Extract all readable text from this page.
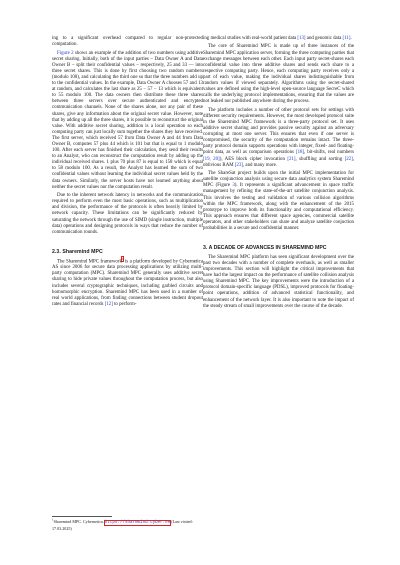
ing to a significant overhead compared to regular non-protected computation.

Figure 2 shows an example of the addition of two numbers using additive secret sharing. Initially, both of the input parties – Data Owner A and Data Owner B – split their confidential values – respectively, 25 and 33 — into three secret shares. This is done by first choosing two random numbers (modulo 100), and calculating the third one so that the three numbers add up to the confidential values. In the example, Data Owner A chooses 57 and 13 at random, and calculates the last share as 25 − 57 − 13 which is equivalent to 55 modulo 100. The data owners then distribute these three shares between three servers over secure authenticated and encrypted communication channels. None of the shares alone, nor any pair of these shares, give any information about the original secret value. However, note that by adding up all the three shares, it is possible to reconstruct the original value. With additive secret sharing, addition is a local operation so each computing party can just locally sum together the shares they have received. The first server, which received 57 from Data Owner A and 44 from Data Owner B, computes 57 plus 44 which is 101 but that is equal to 1 modulo 100. After each server has finished their calculation, they send their results to an Analyst, who can reconstruct the computation result by adding up the individual received shares. 1 plus 70 plus 87 is equal to 158 which is equal to 58 modulo 100. As a result, the Analyst has learned the sum of two confidential values without learning the individual secret values held by the data owners. Similarly, the server hosts have not learned anything about neither the secret values nor the computation result.

Due to the inherent network latency in networks and the communication required to perform even the most basic operations, such as multiplication and division, the performance of the protocols is often heavily limited by network capacity. These limitations can be significantly reduced by saturating the network through the use of SIMD (single instruction, multiple data) operations and designing protocols in ways that reduce the number of communication rounds.

2.3. Sharemind MPC

The Sharemind MPC framework$^1$ is a platform developed by Cybernetica AS since 2006 for secure data processing applications by utilizing multi-party computation (MPC). Sharemind MPC generally uses additive secret sharing to hide private values throughout the computation process, but also includes several cryptographic techniques, including garbled circuits and homomorphic encryption. Sharemind MPC has been used in a number of real world applications, from finding connections between student dropout rates and financial records [12] to perform-

$^1$Sharemind MPC. Cybernetica. https://sharemind.cyber.ee (Last visited: 17.03.2025)

ing medical studies with real-world patient data [13] and genomic data [11].

The core of Sharemind MPC is made up of three instances of the Sharemind MPC application server, forming the three computing parties that exchange messages between each other. Each input party secret-shares each confidential value into three additive shares and sends each share to a respective computing party. Hence, each computing party receives only a part of each value, making the individual shares indistinguishable from random values if viewed separately. Algorithms using the secret-shared values are defined using the high-level open-source language SecreC which calls the underlying protocol implementations, ensuring that the values are not leaked nor published anywhere during the process.

The platform includes a number of other protocol sets for settings with different security requirements. However, the most developed protocol suite in the Sharemind MPC framework is a three-party protocol set. It uses additive secret sharing and provides passive security against an adversary corrupting at most one server. This ensures that even if one server is compromised, the security of the computation remains intact. The three-party protocol domain supports operations with integer, fixed- and floating-point data, as well as comparison operations [18], bit-shifts, real numbers [19, 20]), AES block cipher invocation [21], shuffling and sorting [22], oblivious RAM [23], and many more.

The ShareSat project builds upon the initial MPC implementation for satellite conjunction analysis using secure data analytics system Sharemind MPC (Figure 3). It represents a significant advancement in space traffic management by refining the state-of-the-art satellite conjunction analysis. This involves the testing and validation of various collision algorithms within the MPC framework, along with the enhancement of the 2015 prototype to improve both its functionality and computational efficiency. This approach ensures that different space agencies, commercial satellite operators, and other stakeholders can share and analyze satellite conjuction probabilities in a secure and confidential manner.

3. A DECADE OF ADVANCES IN SHAREMIND MPC

The Sharemind MPC platform has seen significant development over the past two decades with a number of complete overhauls, as well as smaller improvements. This section will highlight the critical improvements that have had the largest impact on the performance of satellite collision analysis using Sharemind MPC. The key improvements were the introduction of a protocol domain-specific language (PDSL), improved protocols for floating-point operations, addition of advanced statistical functionality, and enhancement of the network layer. It is also important to note the impact of the steady stream of small improvements over the course of the decade.
